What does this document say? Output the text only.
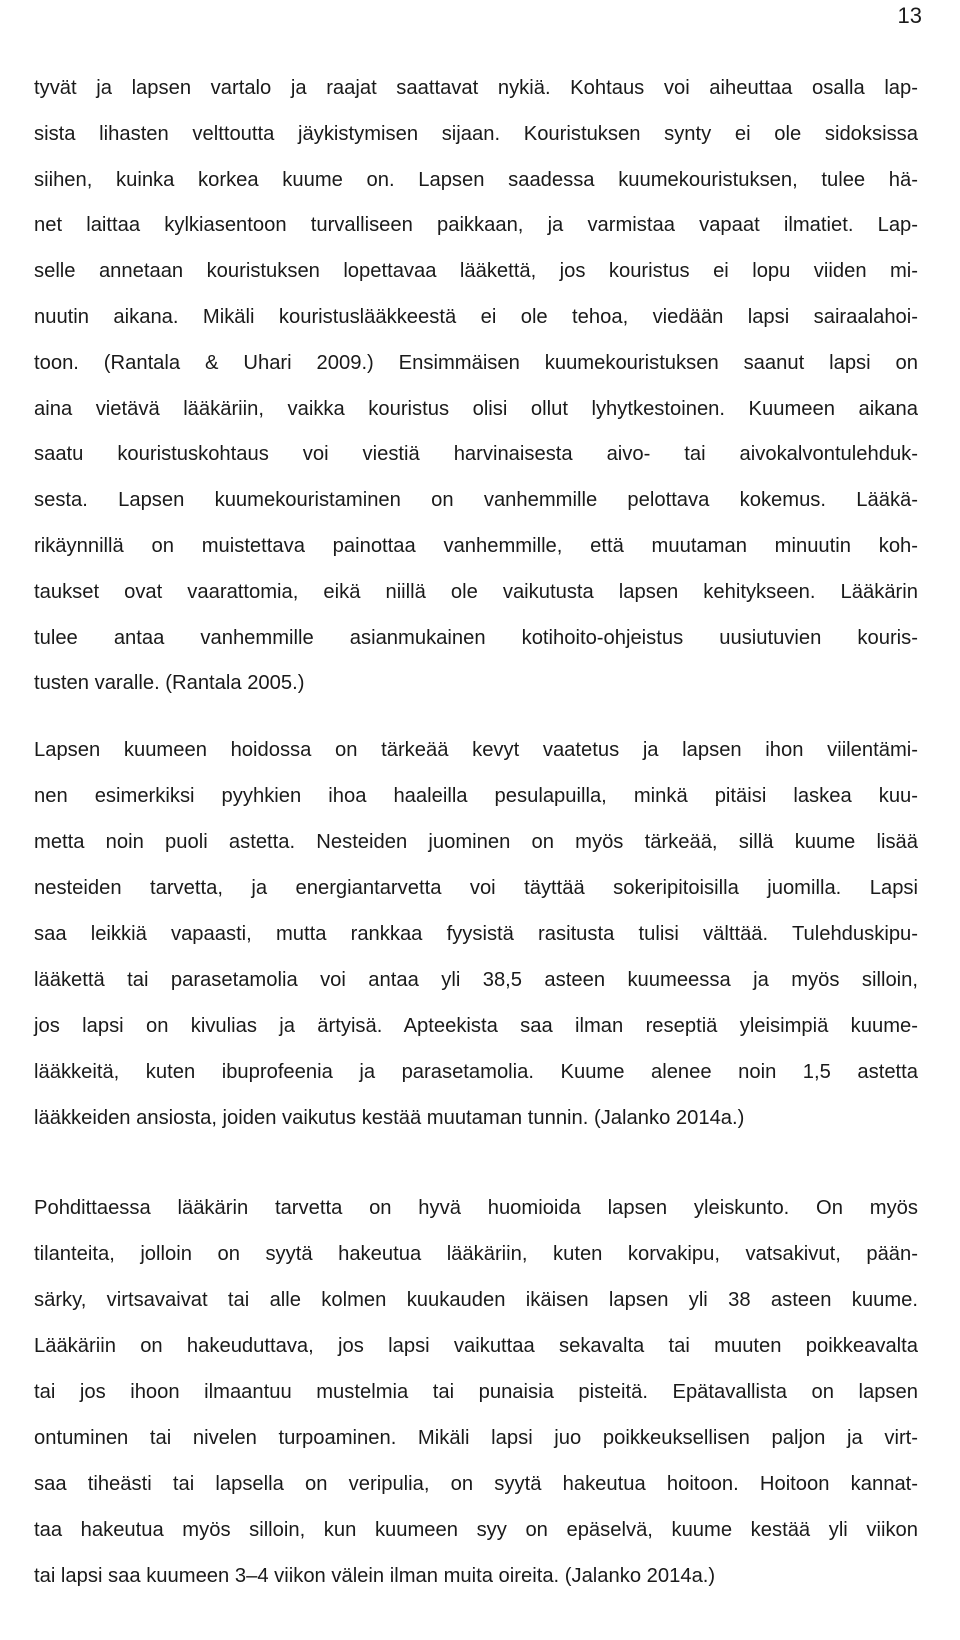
13
tyvät ja lapsen vartalo ja raajat saattavat nykiä. Kohtaus voi aiheuttaa osalla lap-
sista lihasten velttoutta jäykistymisen sijaan. Kouristuksen synty ei ole sidoksissa
siihen, kuinka korkea kuume on. Lapsen saadessa kuumekouristuksen, tulee hä-
net laittaa kylkiasentoon turvalliseen paikkaan, ja varmistaa vapaat ilmatiet. Lap-
selle annetaan kouristuksen lopettavaa lääkettä, jos kouristus ei lopu viiden mi-
nuutin aikana. Mikäli kouristuslääkkeestä ei ole tehoa, viedään lapsi sairaalahoi-
toon. (Rantala & Uhari 2009.) Ensimmäisen kuumekouristuksen saanut lapsi on
aina vietävä lääkäriin, vaikka kouristus olisi ollut lyhytkestoinen. Kuumeen aikana
saatu kouristuskohtaus voi viestiä harvinaisesta aivo- tai aivokalvontulehduk-
sesta. Lapsen kuumekouristaminen on vanhemmille pelottava kokemus. Lääkä-
rikäynnillä on muistettava painottaa vanhemmille, että muutaman minuutin koh-
taukset ovat vaarattomia, eikä niillä ole vaikutusta lapsen kehitykseen. Lääkärin
tulee antaa vanhemmille asianmukainen kotihoito-ohjeistus uusiutuvien kouris-
tusten varalle. (Rantala 2005.)
Lapsen kuumeen hoidossa on tärkeää kevyt vaatetus ja lapsen ihon viilentämi-
nen esimerkiksi pyyhkien ihoa haaleilla pesulapuilla, minkä pitäisi laskea kuu-
metta noin puoli astetta. Nesteiden juominen on myös tärkeää, sillä kuume lisää
nesteiden tarvetta, ja energiantarvetta voi täyttää sokeripitoisilla juomilla. Lapsi
saa leikkiä vapaasti, mutta rankkaa fyysistä rasitusta tulisi välttää. Tulehduskipu-
lääkettä tai parasetamolia voi antaa yli 38,5 asteen kuumeessa ja myös silloin,
jos lapsi on kivulias ja ärtyisä. Apteekista saa ilman reseptiä yleisimpiä kuume-
lääkkeitä, kuten ibuprofeenia ja parasetamolia. Kuume alenee noin 1,5 astetta
lääkkeiden ansiosta, joiden vaikutus kestää muutaman tunnin. (Jalanko 2014a.)
Pohdittaessa lääkärin tarvetta on hyvä huomioida lapsen yleiskunto. On myös
tilanteita, jolloin on syytä hakeutua lääkäriin, kuten korvakipu, vatsakivut, pään-
särky, virtsavaivat tai alle kolmen kuukauden ikäisen lapsen yli 38 asteen kuume.
Lääkäriin on hakeuduttava, jos lapsi vaikuttaa sekavalta tai muuten poikkeavalta
tai jos ihoon ilmaantuu mustelmia tai punaisia pisteitä. Epätavallista on lapsen
ontuminen tai nivelen turpoaminen. Mikäli lapsi juo poikkeuksellisen paljon ja virt-
saa tiheästi tai lapsella on veripulia, on syytä hakeutua hoitoon. Hoitoon kannat-
taa hakeutua myös silloin, kun kuumeen syy on epäselvä, kuume kestää yli viikon
tai lapsi saa kuumeen 3–4 viikon välein ilman muita oireita. (Jalanko 2014a.)
